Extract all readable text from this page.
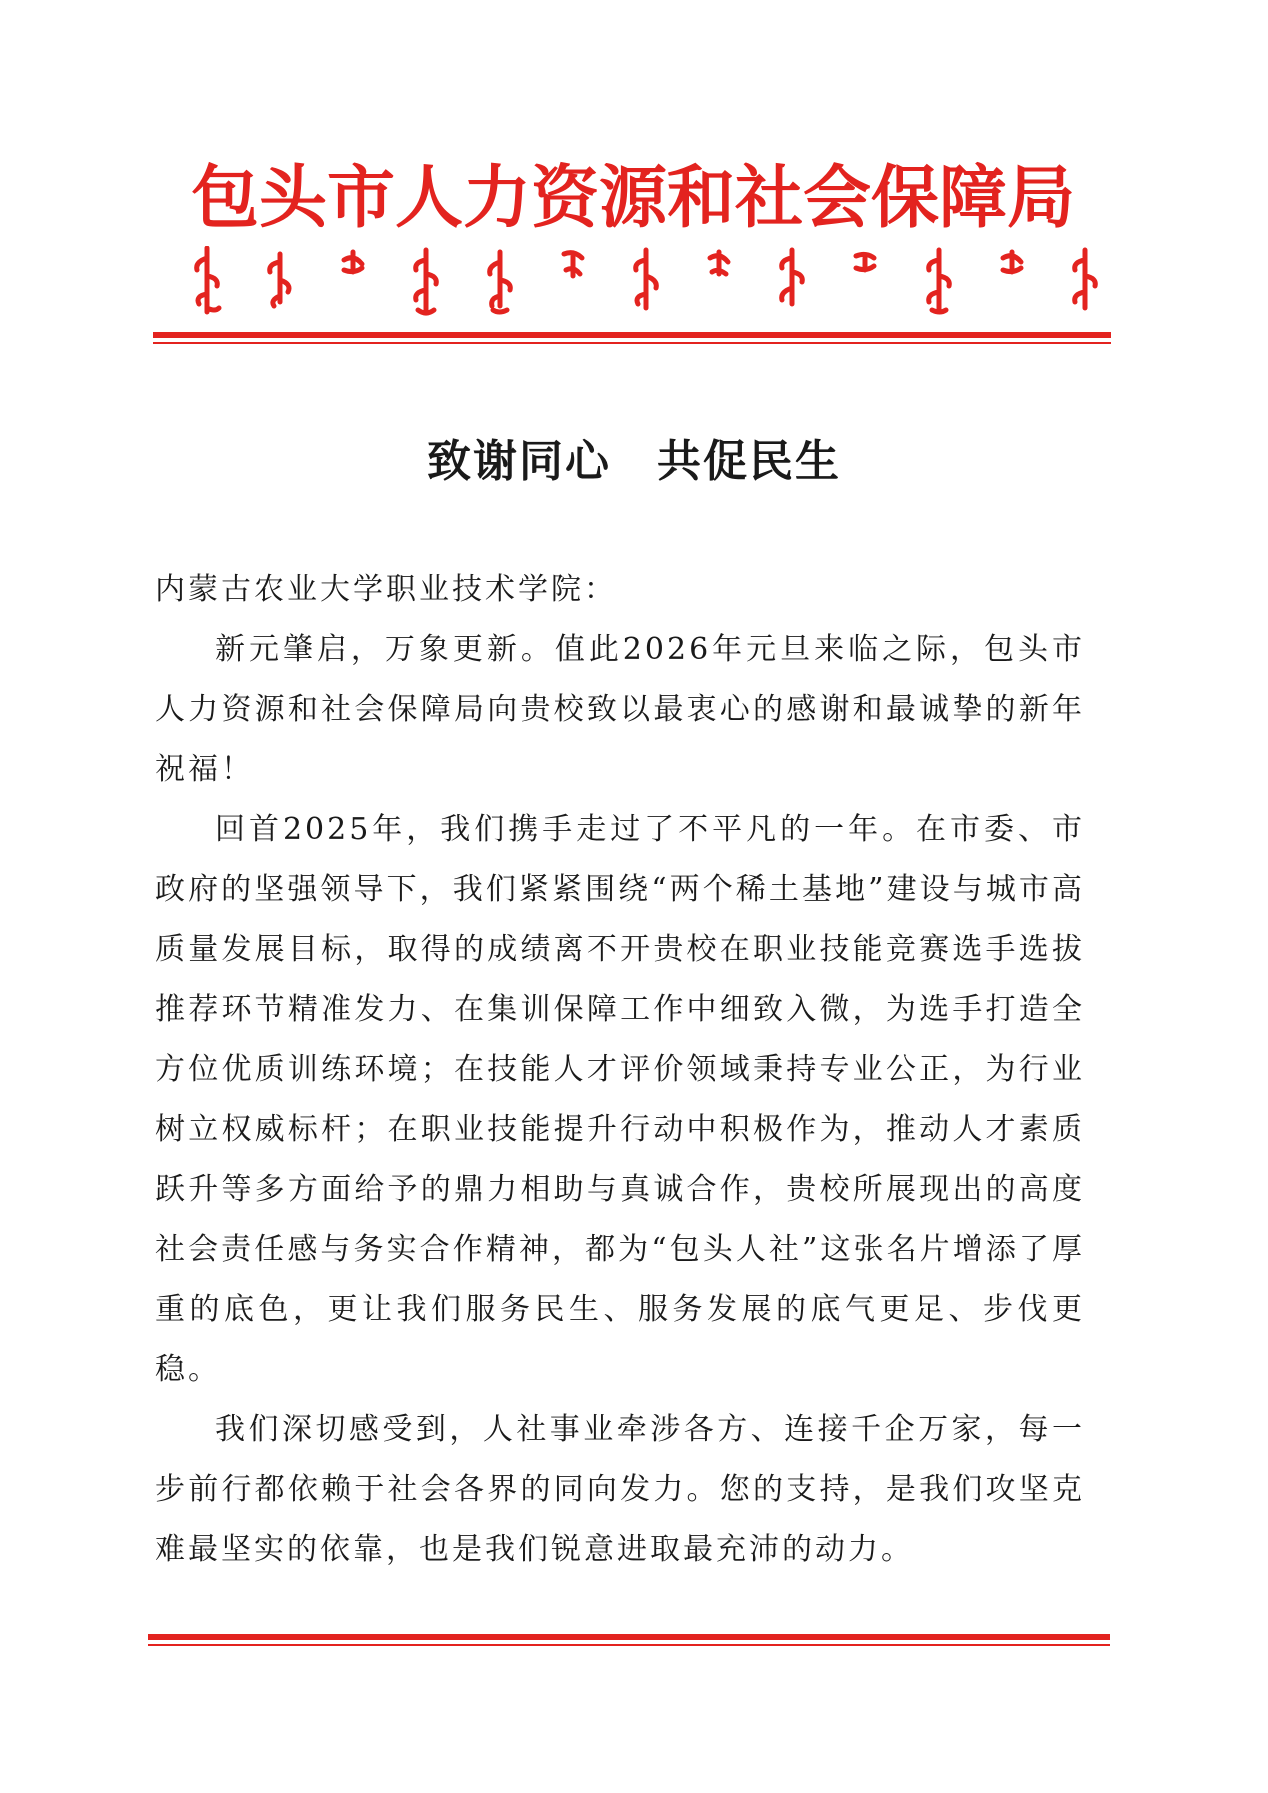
包头市人力资源和社会保障局
致谢同心　共促民生

内蒙古农业大学职业技术学院：

新元肇启，万象更新。值此2026年元旦来临之际，包头市人力资源和社会保障局向贵校致以最衷心的感谢和最诚挚的新年祝福！

回首2025年，我们携手走过了不平凡的一年。在市委、市政府的坚强领导下，我们紧紧围绕“两个稀土基地”建设与城市高质量发展目标，取得的成绩离不开贵校在职业技能竞赛选手选拔推荐环节精准发力、在集训保障工作中细致入微，为选手打造全方位优质训练环境；在技能人才评价领域秉持专业公正，为行业树立权威标杆；在职业技能提升行动中积极作为，推动人才素质跃升等多方面给予的鼎力相助与真诚合作，贵校所展现出的高度社会责任感与务实合作精神，都为“包头人社”这张名片增添了厚重的底色，更让我们服务民生、服务发展的底气更足、步伐更稳。

我们深切感受到，人社事业牵涉各方、连接千企万家，每一步前行都依赖于社会各界的同向发力。您的支持，是我们攻坚克难最坚实的依靠，也是我们锐意进取最充沛的动力。
